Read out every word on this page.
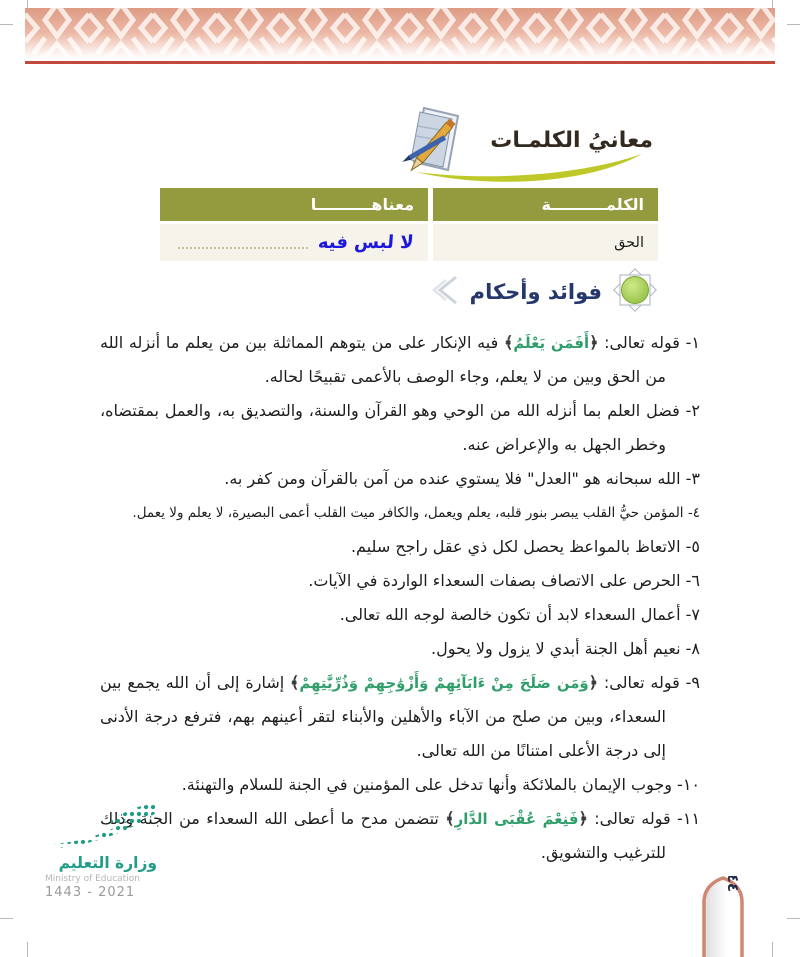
معانيُ الكلمـات
الكلمــــــــــة
معناهــــــــــا
الحق
لا لبس فيه
فوائد وأحكام
١- قوله تعالى: ﴿أَفَمَن يَعْلَمُ﴾ فيه الإنكار على من يتوهم المماثلة بين من يعلم ما أنزله الله من الحق وبين من لا يعلم، وجاء الوصف بالأعمى تقبيحًا لحاله.
٢- فضل العلم بما أنزله الله من الوحي وهو القرآن والسنة، والتصديق به، والعمل بمقتضاه، وخطر الجهل به والإعراض عنه.
٣- الله سبحانه هو "العدل" فلا يستوي عنده من آمن بالقرآن ومن كفر به.
٤- المؤمن حيُّ القلب يبصر بنور قلبه، يعلم ويعمل، والكافر ميت القلب أعمى البصيرة، لا يعلم ولا يعمل.
٥- الاتعاظ بالمواعظ يحصل لكل ذي عقل راجح سليم.
٦- الحرص على الاتصاف بصفات السعداء الواردة في الآيات.
٧- أعمال السعداء لابد أن تكون خالصة لوجه الله تعالى.
٨- نعيم أهل الجنة أبدي لا يزول ولا يحول.
٩- قوله تعالى: ﴿وَمَن صَلَحَ مِنْ ءَابَآئِهِمْ وَأَزْوَٰجِهِمْ وَذُرِّيَّٰتِهِمْ﴾ إشارة إلى أن الله يجمع بين السعداء، وبين من صلح من الآباء والأهلين والأبناء لتقر أعينهم بهم، فترفع درجة الأدنى إلى درجة الأعلى امتنانًا من الله تعالى.
١٠- وجوب الإيمان بالملائكة وأنها تدخل على المؤمنين في الجنة للسلام والتهنئة.
١١- قوله تعالى: ﴿فَنِعْمَ عُقْبَى الدَّارِ﴾ تتضمن مدح ما أعطى الله السعداء من الجنة وذلك للترغيب والتشويق.
وزارة التعليم
Ministry of Education
2021 - 1443
١٤٤
